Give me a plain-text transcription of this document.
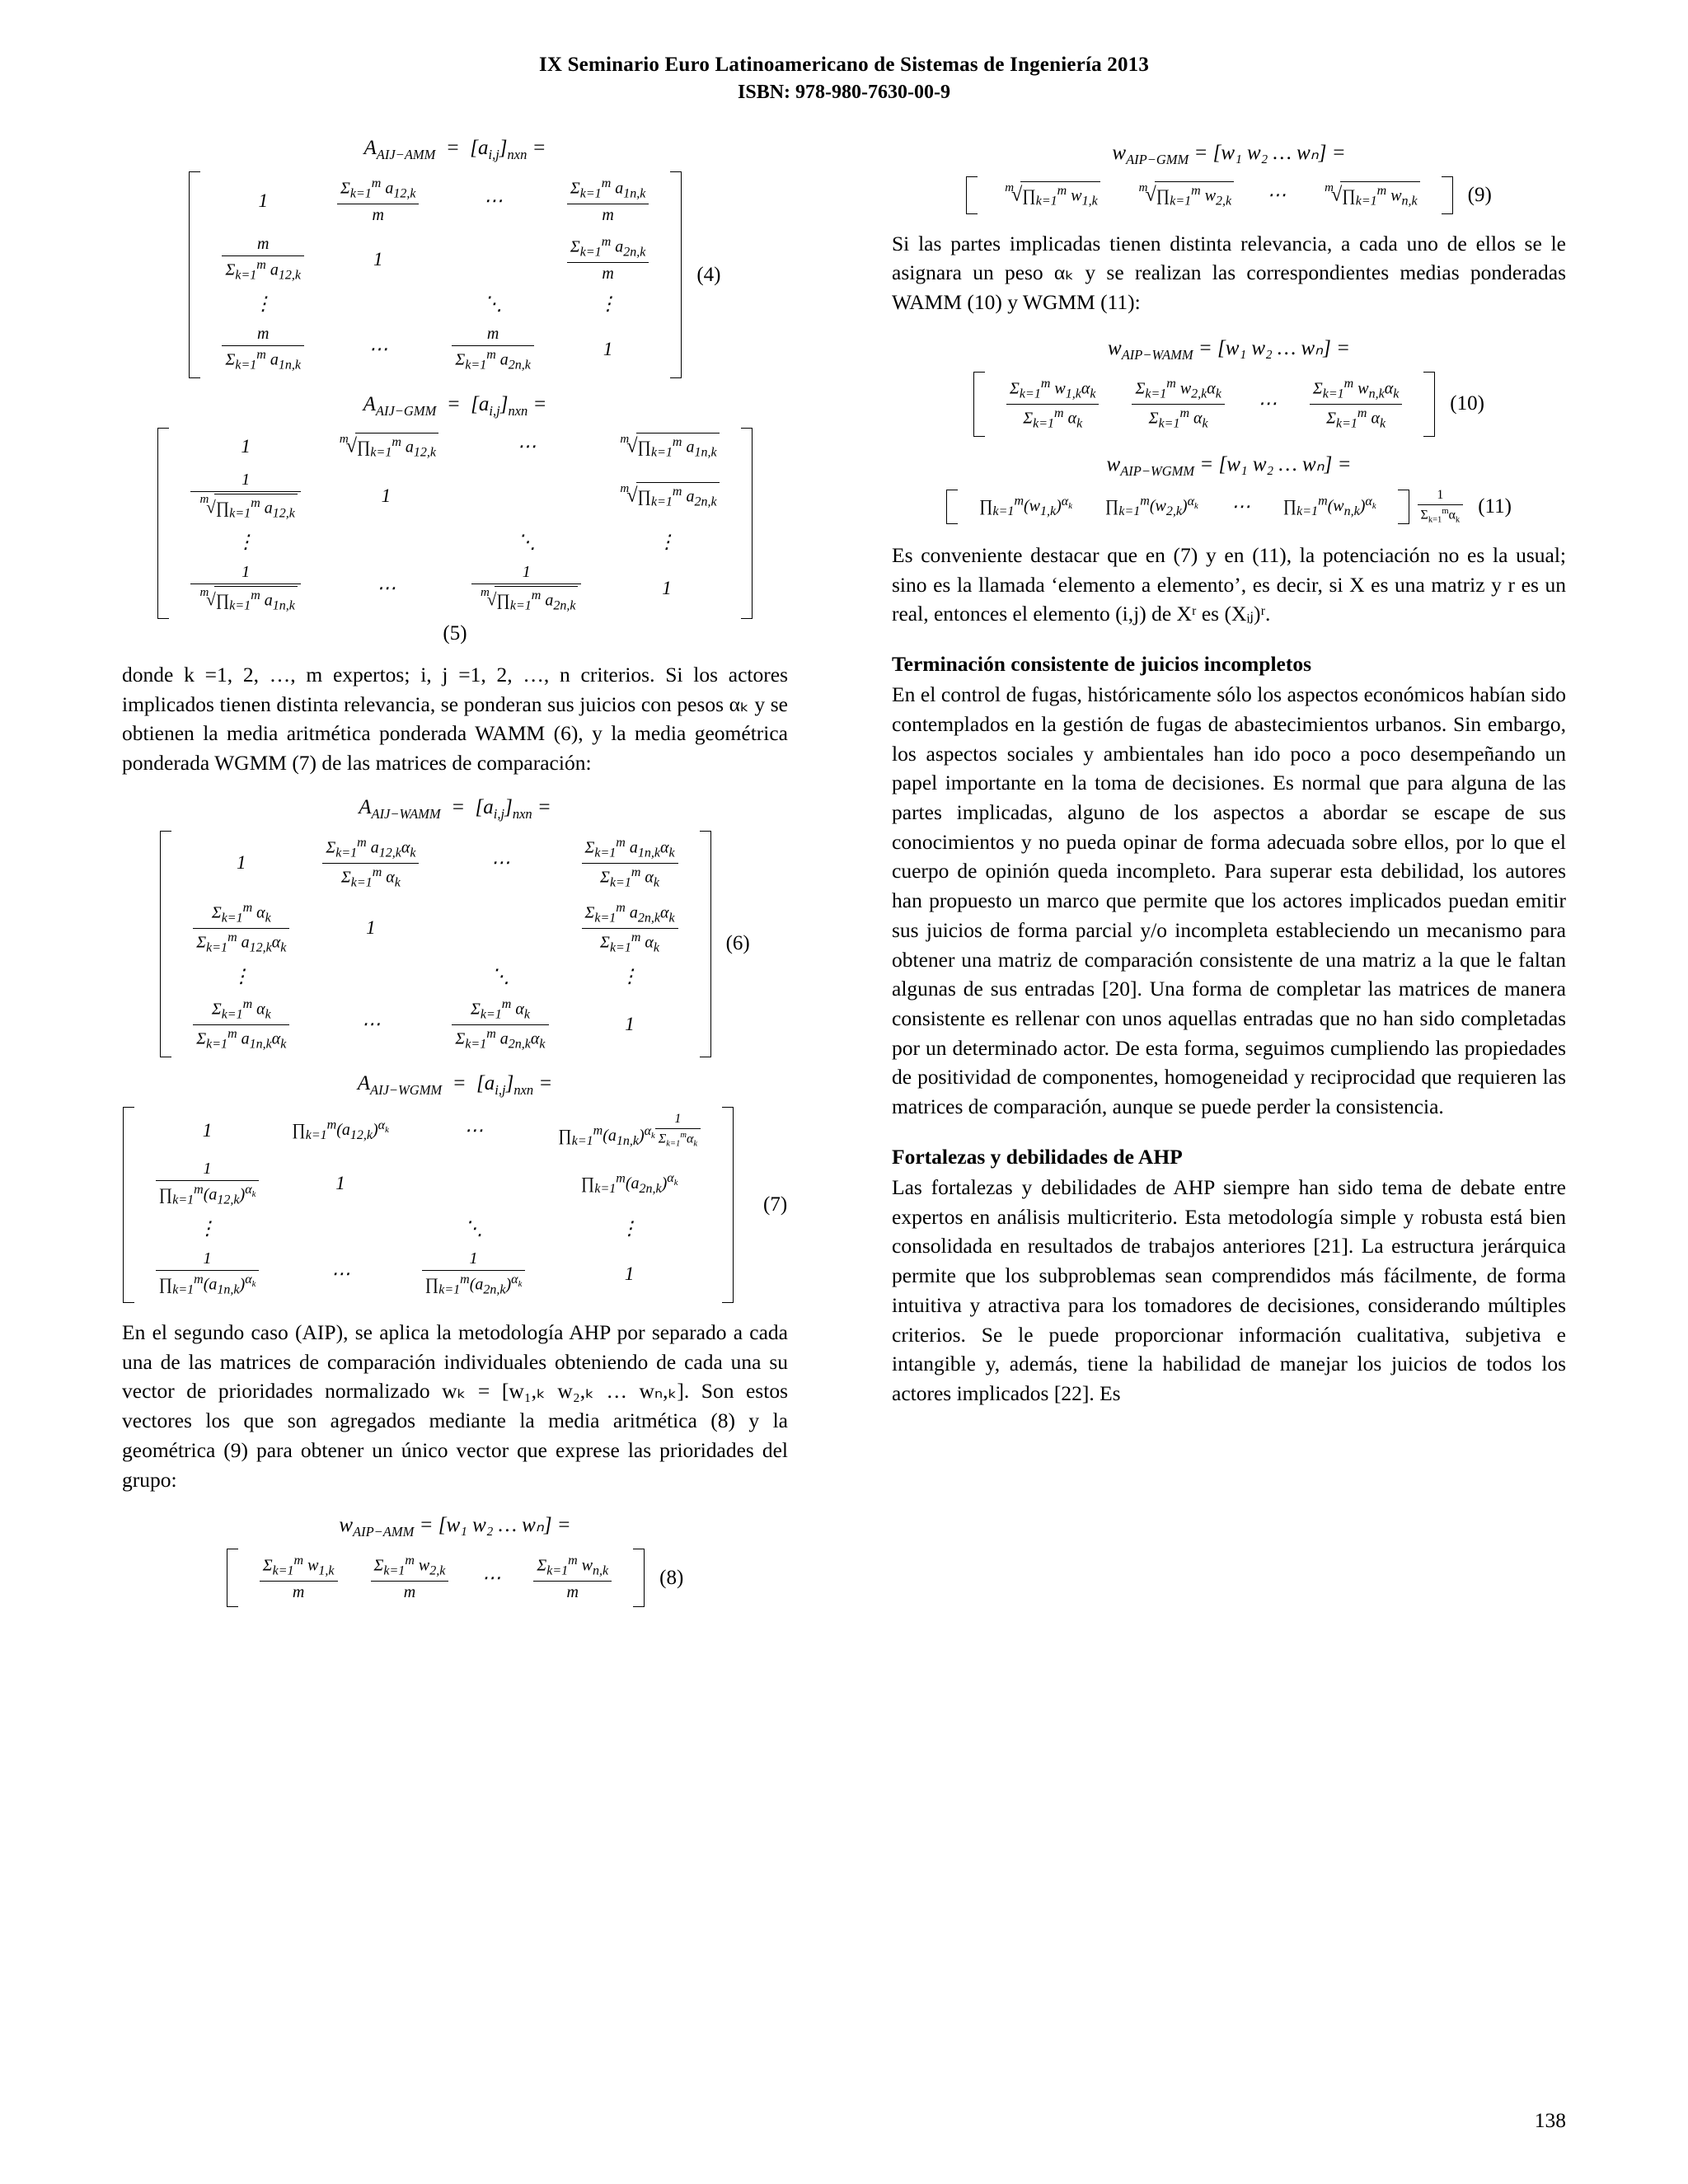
IX Seminario Euro Latinoamericano de Sistemas de Ingeniería 2013
ISBN: 978-980-7630-00-9
$A_{AIJ-AMM} = [a_{i,j}]_{nxn}$ =
1	$\frac{\Sigma_{k=1}^m a_{12,k}}{m}$	⋯	$\frac{\Sigma_{k=1}^m a_{1n,k}}{m}$

$\frac{m}{\Sigma_{k=1}^m a_{12,k}}$	1		$\frac{\Sigma_{k=1}^m a_{2n,k}}{m}$

⋮		⋱	⋮

$\frac{m}{\Sigma_{k=1}^m a_{1n,k}}$	⋯	$\frac{m}{\Sigma_{k=1}^m a_{2n,k}}$	1
(4)
$A_{AIJ-GMM} = [a_{i,j}]_{nxn}$ =
1	$^m√\prod_{k=1}^m$ $a_{12,k}$	⋯	$^m√\prod_{k=1}^m$ $a_{1n,k}$

$\frac{1}{^m√\prod_{k=1}^m a_{12,k}}$	1		$^m√\prod_{k=1}^m$ $a_{2n,k}$
⋮		⋱	⋮

$\frac{1}{^m√\prod_{k=1}^m a_{1n,k}}$	⋯	$\frac{1}{^m√\prod_{k=1}^m a_{2n,k}}$	1
(5)

donde k =1, 2, …, m expertos; i, j =1, 2, …, n criterios. Si los actores implicados tienen distinta relevancia, se ponderan sus juicios con pesos αₖ y se obtienen la media aritmética ponderada WAMM (6), y la media geométrica ponderada WGMM (7) de las matrices de comparación:

$A_{AIJ-WAMM} = [a_{i,j}]_{nxn}$ =
1	$\frac{\Sigma_{k=1}^m a_{12,k}\alpha_k}{\Sigma_{k=1}^m \alpha_k}$	⋯	$\frac{\Sigma_{k=1}^m a_{1n,k}\alpha_k}{\Sigma_{k=1}^m \alpha_k}$

$\frac{\Sigma_{k=1}^m \alpha_k}{\Sigma_{k=1}^m a_{12,k}\alpha_k}$	1		$\frac{\Sigma_{k=1}^m a_{2n,k}\alpha_k}{\Sigma_{k=1}^m \alpha_k}$

⋮		⋱	⋮

$\frac{\Sigma_{k=1}^m \alpha_k}{\Sigma_{k=1}^m a_{1n,k}\alpha_k}$	⋯	$\frac{\Sigma_{k=1}^m \alpha_k}{\Sigma_{k=1}^m a_{2n,k}\alpha_k}$	1
(6)
$A_{AIJ-WGMM} = [a_{i,j}]_{nxn}$ =
1	$\prod_{k=1}^m(a_{12,k})^{\alpha_k}$	⋯	$\prod_{k=1}^m(a_{1n,k})^{\alpha_k} \frac{1}{\Sigma_{k=1}^m\alpha_k}$

$\frac{1}{\prod_{k=1}^m(a_{12,k})^{\alpha_k}}$	1		$\prod_{k=1}^m(a_{2n,k})^{\alpha_k}$
⋮		⋱	⋮

$\frac{1}{\prod_{k=1}^m(a_{1n,k})^{\alpha_k}}$	⋯	$\frac{1}{\prod_{k=1}^m(a_{2n,k})^{\alpha_k}}$	1
(7)

En el segundo caso (AIP), se aplica la metodología AHP por separado a cada una de las matrices de comparación individuales obteniendo de cada una su vector de prioridades normalizado wₖ = [w₁,ₖ w₂,ₖ … wₙ,ₖ]. Son estos vectores los que son agregados mediante la media aritmética (8) y la geométrica (9) para obtener un único vector que exprese las prioridades del grupo:

$w_{AIP-AMM} = [w_1$ w₂ … wₙ] =
$\frac{\Sigma_{k=1}^m w_{1,k}}{m}$	$\frac{\Sigma_{k=1}^m w_{2,k}}{m}$	⋯	$\frac{\Sigma_{k=1}^m w_{n,k}}{m}$	(8)
$w_{AIP-GMM} = [w_1$ w₂ … wₙ] =
$^m√\prod_{k=1}^m$ $w_{1,k}$	$^m√\prod_{k=1}^m$ $w_{2,k}$	⋯	$^m√\prod_{k=1}^m$ $w_{n,k}$	(9)

Si las partes implicadas tienen distinta relevancia, a cada uno de ellos se le asignara un peso αₖ y se realizan las correspondientes medias ponderadas WAMM (10) y WGMM (11):

$w_{AIP-WAMM} = [w_1$ w₂ … wₙ] =
$\frac{\Sigma_{k=1}^m w_{1,k}\alpha_k}{\Sigma_{k=1}^m \alpha_k}$	$\frac{\Sigma_{k=1}^m w_{2,k}\alpha_k}{\Sigma_{k=1}^m \alpha_k}$	⋯	$\frac{\Sigma_{k=1}^m w_{n,k}\alpha_k}{\Sigma_{k=1}^m \alpha_k}$	(10)
$w_{AIP-WGMM} = [w_1$ w₂ … wₙ] =
$\prod_{k=1}^m(w_{1,k})^{\alpha_k}$	$\prod_{k=1}^m(w_{2,k})^{\alpha_k}$	⋯	$\prod_{k=1}^m(w_{n,k})^{\alpha_k}$	$\frac{1}{\Sigma_{k=1}^m\alpha_k} (11)$

Es conveniente destacar que en (7) y en (11), la potenciación no es la usual; sino es la llamada ‘elemento a elemento’, es decir, si X es una matriz y r es un real, entonces el elemento (i,j) de Xʳ es (Xᵢⱼ)ʳ.

Terminación consistente de juicios incompletos

En el control de fugas, históricamente sólo los aspectos económicos habían sido contemplados en la gestión de fugas de abastecimientos urbanos. Sin embargo, los aspectos sociales y ambientales han ido poco a poco desempeñando un papel importante en la toma de decisiones. Es normal que para alguna de las partes implicadas, alguno de los aspectos a abordar se escape de sus conocimientos y no pueda opinar de forma adecuada sobre ellos, por lo que el cuerpo de opinión queda incompleto. Para superar esta debilidad, los autores han propuesto un marco que permite que los actores implicados puedan emitir sus juicios de forma parcial y/o incompleta estableciendo un mecanismo para obtener una matriz de comparación consistente de una matriz a la que le faltan algunas de sus entradas [20]. Una forma de completar las matrices de manera consistente es rellenar con unos aquellas entradas que no han sido completadas por un determinado actor. De esta forma, seguimos cumpliendo las propiedades de positividad de componentes, homogeneidad y reciprocidad que requieren las matrices de comparación, aunque se puede perder la consistencia.

Fortalezas y debilidades de AHP

Las fortalezas y debilidades de AHP siempre han sido tema de debate entre expertos en análisis multicriterio. Esta metodología simple y robusta está bien consolidada en resultados de trabajos anteriores [21]. La estructura jerárquica permite que los subproblemas sean comprendidos más fácilmente, de forma intuitiva y atractiva para los tomadores de decisiones, considerando múltiples criterios. Se le puede proporcionar información cualitativa, subjetiva e intangible y, además, tiene la habilidad de manejar los juicios de todos los actores implicados [22]. Es

138
